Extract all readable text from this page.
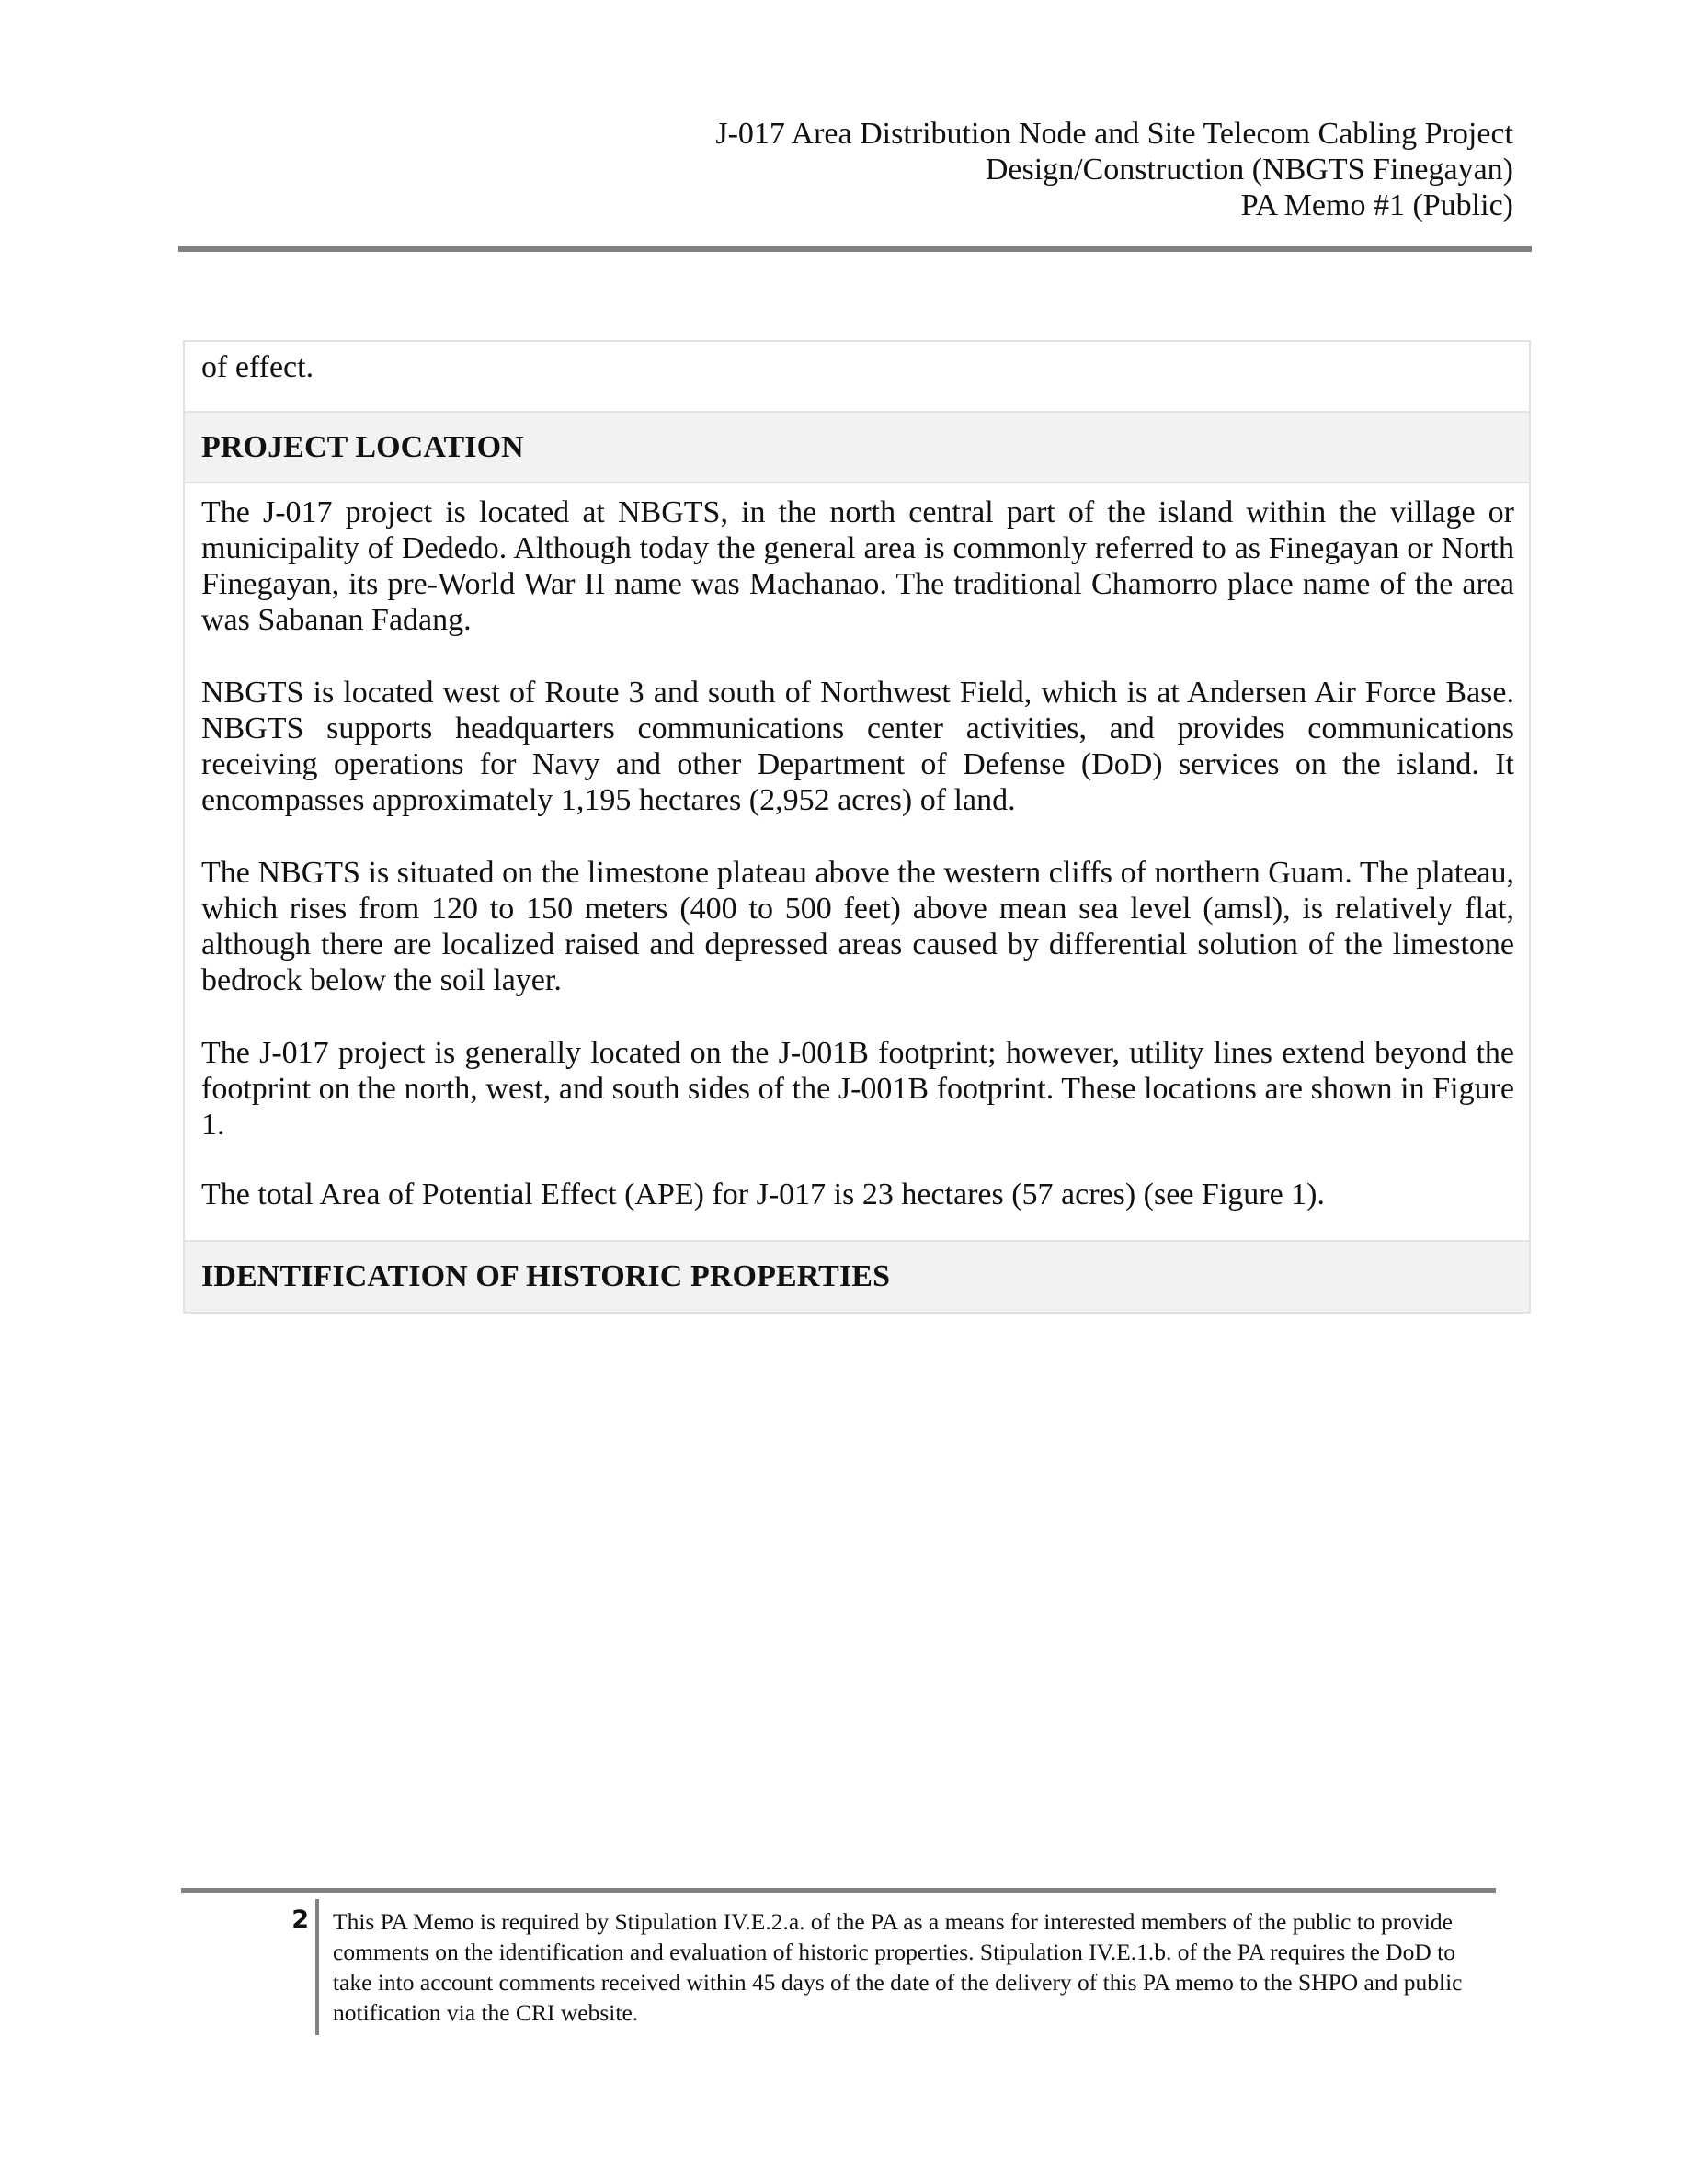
J-017 Area Distribution Node and Site Telecom Cabling Project
Design/Construction (NBGTS Finegayan)
PA Memo #1 (Public)

of effect.

PROJECT LOCATION

The J-017 project is located at NBGTS, in the north central part of the island within the village or municipality of Dededo. Although today the general area is commonly referred to as Finegayan or North Finegayan, its pre-World War II name was Machanao. The traditional Chamorro place name of the area was Sabanan Fadang.

NBGTS is located west of Route 3 and south of Northwest Field, which is at Andersen Air Force Base. NBGTS supports headquarters communications center activities, and provides communications receiving operations for Navy and other Department of Defense (DoD) services on the island. It encompasses approximately 1,195 hectares (2,952 acres) of land.

The NBGTS is situated on the limestone plateau above the western cliffs of northern Guam. The plateau, which rises from 120 to 150 meters (400 to 500 feet) above mean sea level (amsl), is relatively flat, although there are localized raised and depressed areas caused by differential solution of the limestone bedrock below the soil layer.

The J-017 project is generally located on the J-001B footprint; however, utility lines extend beyond the footprint on the north, west, and south sides of the J-001B footprint. These locations are shown in Figure 1.

The total Area of Potential Effect (APE) for J-017 is 23 hectares (57 acres) (see Figure 1).

IDENTIFICATION OF HISTORIC PROPERTIES
2 This PA Memo is required by Stipulation IV.E.2.a. of the PA as a means for interested members of the public to provide comments on the identification and evaluation of historic properties. Stipulation IV.E.1.b. of the PA requires the DoD to take into account comments received within 45 days of the date of the delivery of this PA memo to the SHPO and public notification via the CRI website.
